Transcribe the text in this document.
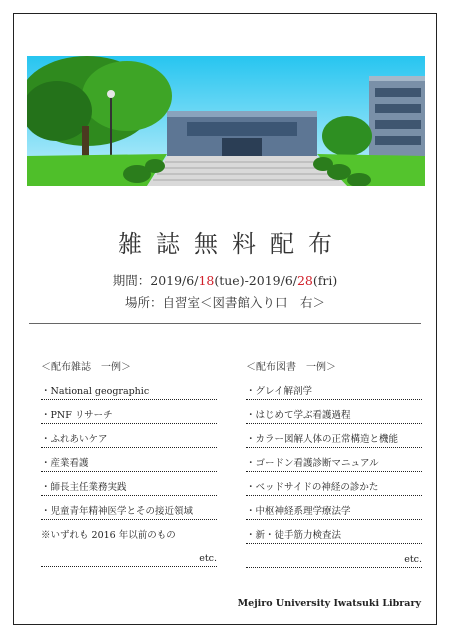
雑誌無料配布
期間：2019/6/18(tue)-2019/6/28(fri)
場所：自習室＜図書館入り口　右＞
＜配布雑誌　一例＞
・National geographic
・PNF リサーチ
・ふれあいケア
・産業看護
・師長主任業務実践
・児童青年精神医学とその接近領域
※いずれも 2016 年以前のもの
etc.
＜配布図書　一例＞
・グレイ解剖学
・はじめて学ぶ看護過程
・カラー図解人体の正常構造と機能
・ゴードン看護診断マニュアル
・ベッドサイドの神経の診かた
・中枢神経系理学療法学
・新・徒手筋力検査法
etc.
Mejiro University Iwatsuki Library
